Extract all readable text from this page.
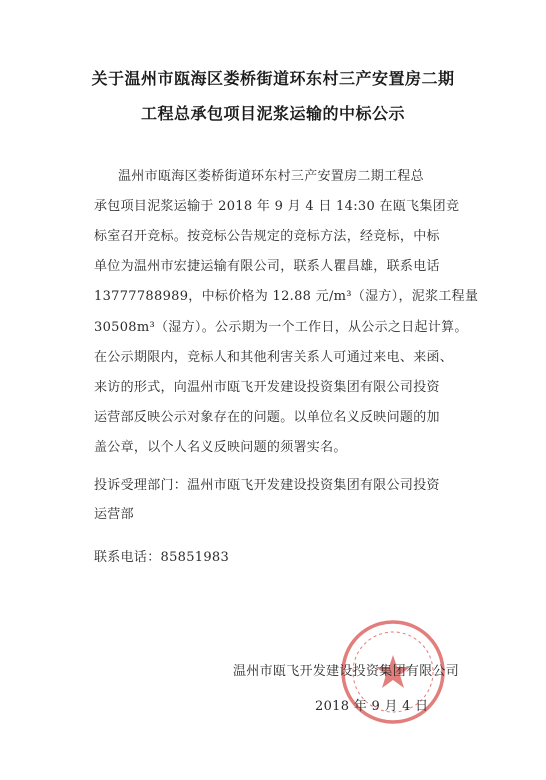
关于温州市瓯海区娄桥街道环东村三产安置房二期
工程总承包项目泥浆运输的中标公示
温州市瓯海区娄桥街道环东村三产安置房二期工程总
承包项目泥浆运输于 2018 年 9 月 4 日 14:30 在瓯飞集团竞
标室召开竞标。按竞标公告规定的竞标方法，经竞标，中标
单位为温州市宏捷运输有限公司，联系人瞿昌雄，联系电话
13777788989，中标价格为 12.88 元/m³（湿方），泥浆工程量
30508m³（湿方）。公示期为一个工作日，从公示之日起计算。
在公示期限内，竞标人和其他利害关系人可通过来电、来函、
来访的形式，向温州市瓯飞开发建设投资集团有限公司投资
运营部反映公示对象存在的问题。以单位名义反映问题的加
盖公章，以个人名义反映问题的须署实名。
投诉受理部门：温州市瓯飞开发建设投资集团有限公司投资
运营部
联系电话：85851983
温州市瓯飞开发建设投资集团有限公司
2018 年 9 月 4 日
